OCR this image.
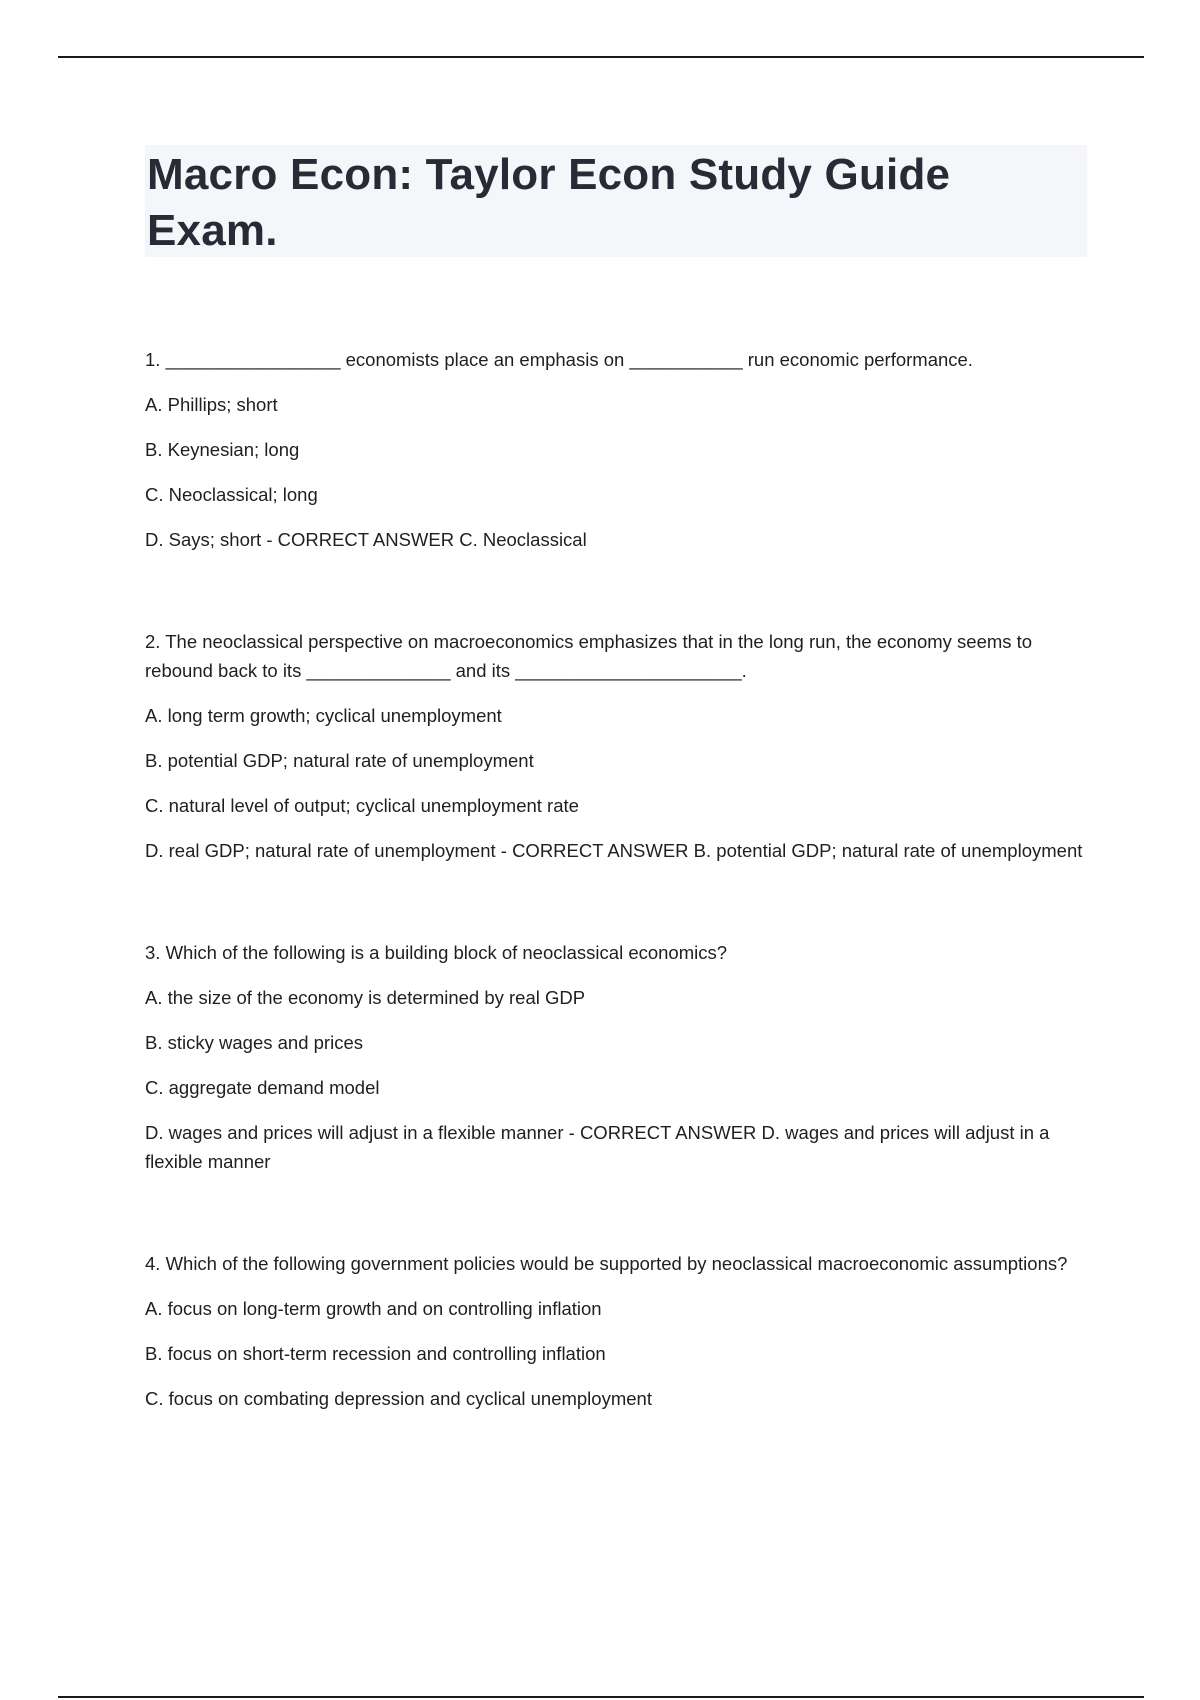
Macro Econ: Taylor Econ Study Guide Exam.
1. _________________ economists place an emphasis on ___________ run economic performance.
A. Phillips; short
B. Keynesian; long
C. Neoclassical; long
D. Says; short - CORRECT ANSWER C. Neoclassical
2. The neoclassical perspective on macroeconomics emphasizes that in the long run, the economy seems to rebound back to its ______________ and its ______________________.
A. long term growth; cyclical unemployment
B. potential GDP; natural rate of unemployment
C. natural level of output; cyclical unemployment rate
D. real GDP; natural rate of unemployment - CORRECT ANSWER B. potential GDP; natural rate of unemployment
3. Which of the following is a building block of neoclassical economics?
A. the size of the economy is determined by real GDP
B. sticky wages and prices
C. aggregate demand model
D. wages and prices will adjust in a flexible manner - CORRECT ANSWER D. wages and prices will adjust in a flexible manner
4. Which of the following government policies would be supported by neoclassical macroeconomic assumptions?
A. focus on long-term growth and on controlling inflation
B. focus on short-term recession and controlling inflation
C. focus on combating depression and cyclical unemployment
